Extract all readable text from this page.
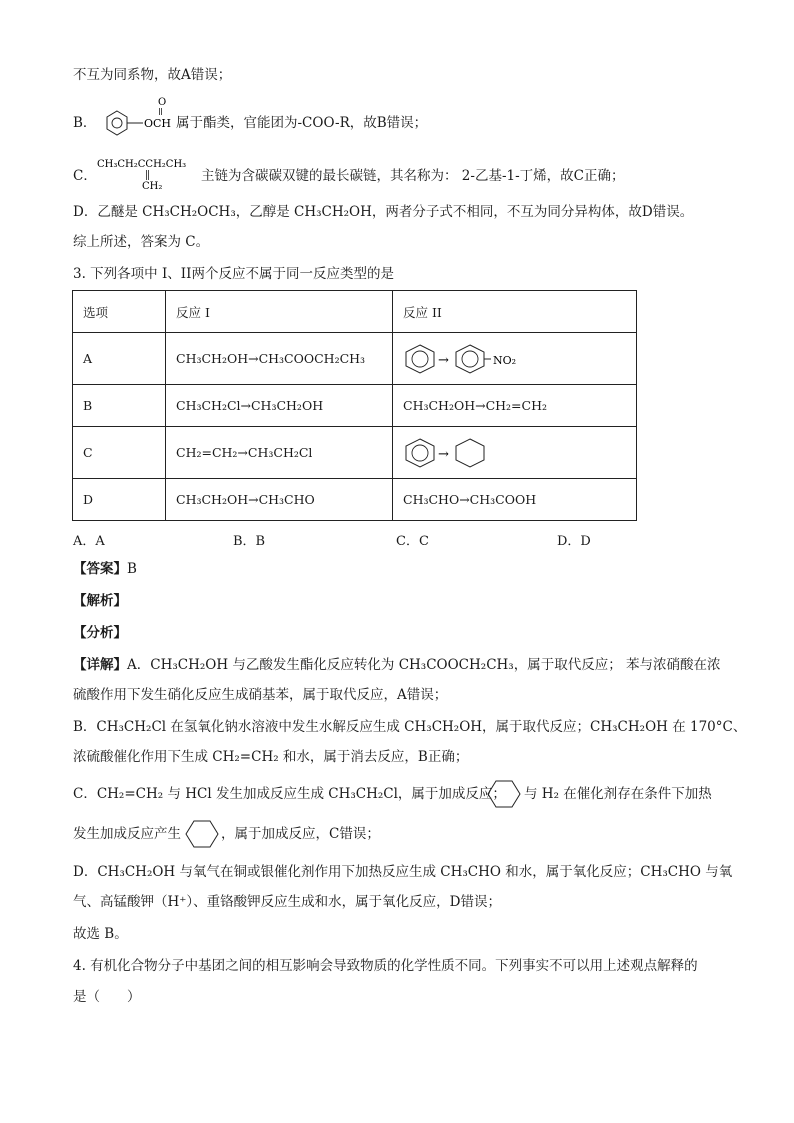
不互为同系物，故A错误；
B．
O
OCH 属于酯类，官能团为-COO-R，故B错误；
C．
CH₃CH₂CCH₂CH₃
CH₂
主链为含碳碳双键的最长碳链，其名称为： 2-乙基-1-丁烯，故C正确；
D．乙醚是 CH₃CH₂OCH₃，乙醇是 CH₃CH₂OH，两者分子式不相同，不互为同分异构体，故D错误。
综上所述，答案为 C。
3. 下列各项中 I、II两个反应不属于同一反应类型的是
选项	反应 I	反应 II
A	CH₃CH₂OH→CH₃COOCH₂CH₃	→ NO₂

B	CH₃CH₂Cl→CH₃CH₂OH	CH₃CH₂OH→CH₂=CH₂
C	CH₂=CH₂→CH₃CH₂Cl	→

D	CH₃CH₂OH→CH₃CHO	CH₃CHO→CH₃COOH
A．A	B．B	C．C	D．D
【答案】B
【解析】
【分析】
【详解】A．CH₃CH₂OH 与乙酸发生酯化反应转化为 CH₃COOCH₂CH₃，属于取代反应； 苯与浓硝酸在浓
硫酸作用下发生硝化反应生成硝基苯，属于取代反应，A错误；
B．CH₃CH₂Cl 在氢氧化钠水溶液中发生水解反应生成 CH₃CH₂OH，属于取代反应；CH₃CH₂OH 在 170°C、
浓硫酸催化作用下生成 CH₂=CH₂ 和水，属于消去反应，B正确；
C．CH₂=CH₂ 与 HCl 发生加成反应生成 CH₃CH₂Cl，属于加成反应； 与 H₂ 在催化剂存在条件下加热
发生加成反应产生	，属于加成反应，C错误；
D．CH₃CH₂OH 与氧气在铜或银催化剂作用下加热反应生成 CH₃CHO 和水，属于氧化反应；CH₃CHO 与氧
气、高锰酸钾（H⁺）、重铬酸钾反应生成和水，属于氧化反应，D错误；
故选 B。
4. 有机化合物分子中基团之间的相互影响会导致物质的化学性质不同。下列事实不可以用上述观点解释的
是（　　）
